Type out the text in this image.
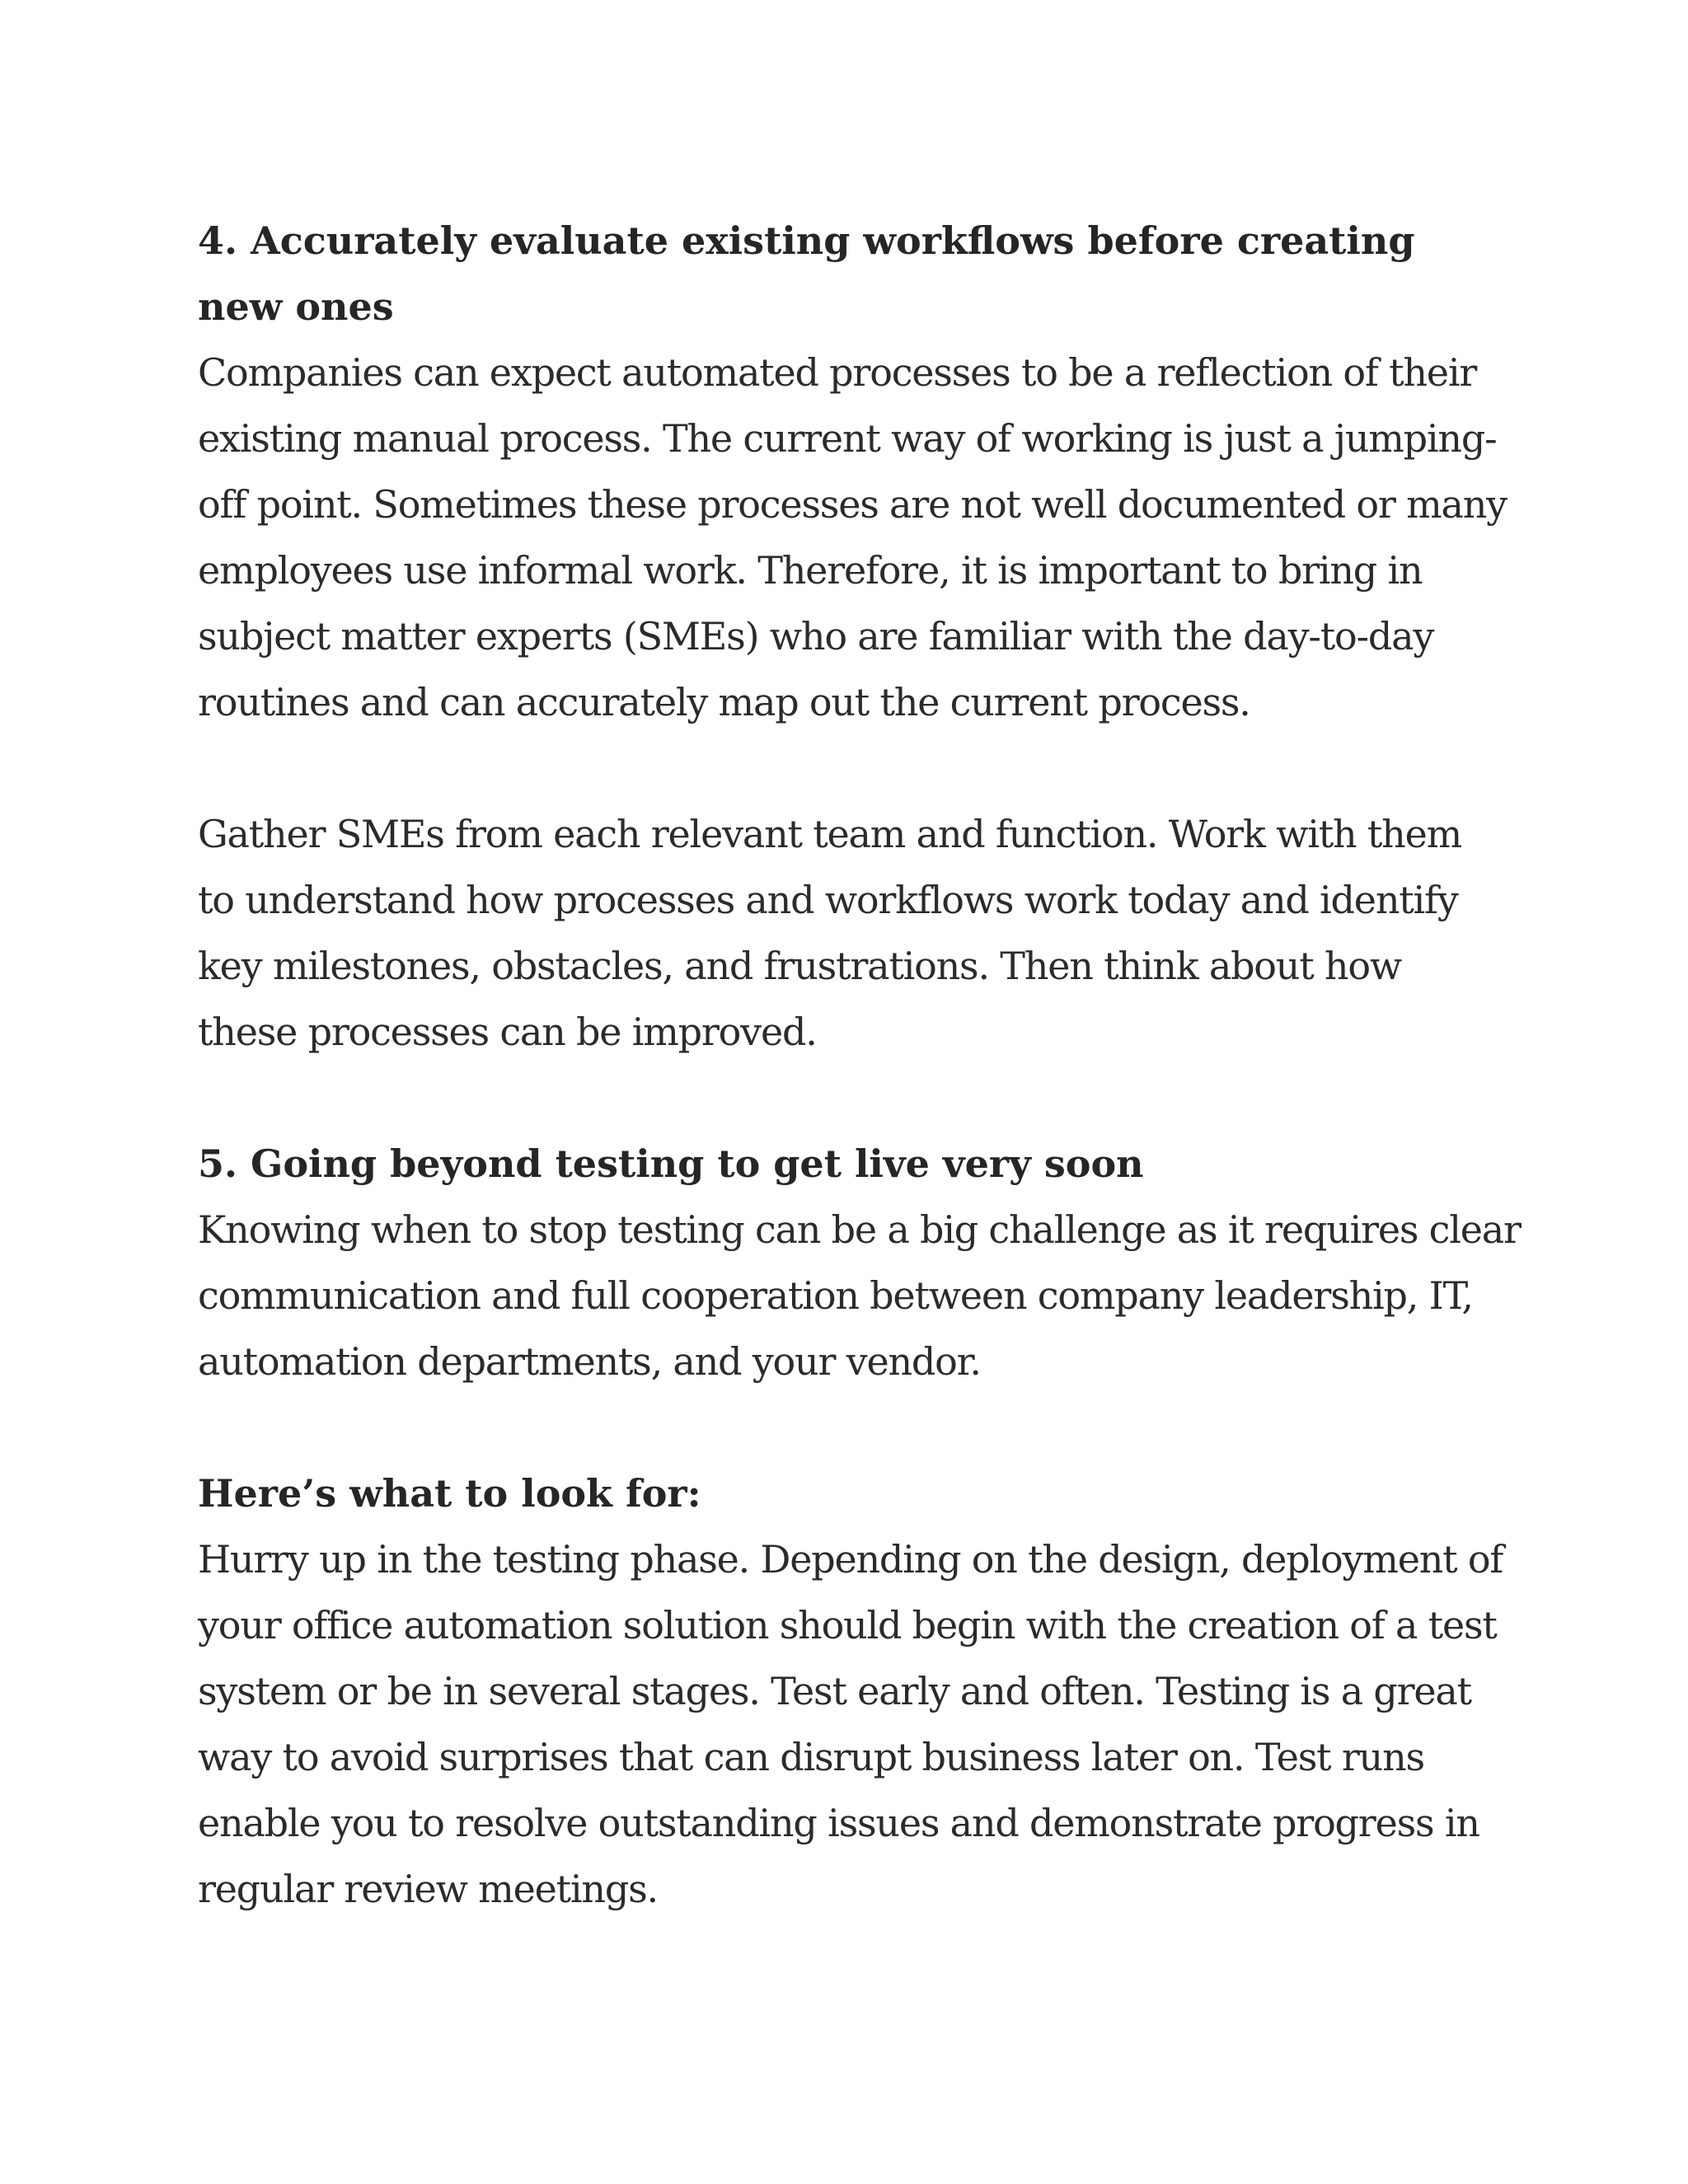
4. Accurately evaluate existing workflows before creating
new ones

Companies can expect automated processes to be a reflection of their
existing manual process. The current way of working is just a jumping-
off point. Sometimes these processes are not well documented or many
employees use informal work. Therefore, it is important to bring in
subject matter experts (SMEs) who are familiar with the day-to-day
routines and can accurately map out the current process.

Gather SMEs from each relevant team and function. Work with them
to understand how processes and workflows work today and identify
key milestones, obstacles, and frustrations. Then think about how
these processes can be improved.

5. Going beyond testing to get live very soon

Knowing when to stop testing can be a big challenge as it requires clear
communication and full cooperation between company leadership, IT,
automation departments, and your vendor.

Here’s what to look for:

Hurry up in the testing phase. Depending on the design, deployment of
your office automation solution should begin with the creation of a test
system or be in several stages. Test early and often. Testing is a great
way to avoid surprises that can disrupt business later on. Test runs
enable you to resolve outstanding issues and demonstrate progress in
regular review meetings.
